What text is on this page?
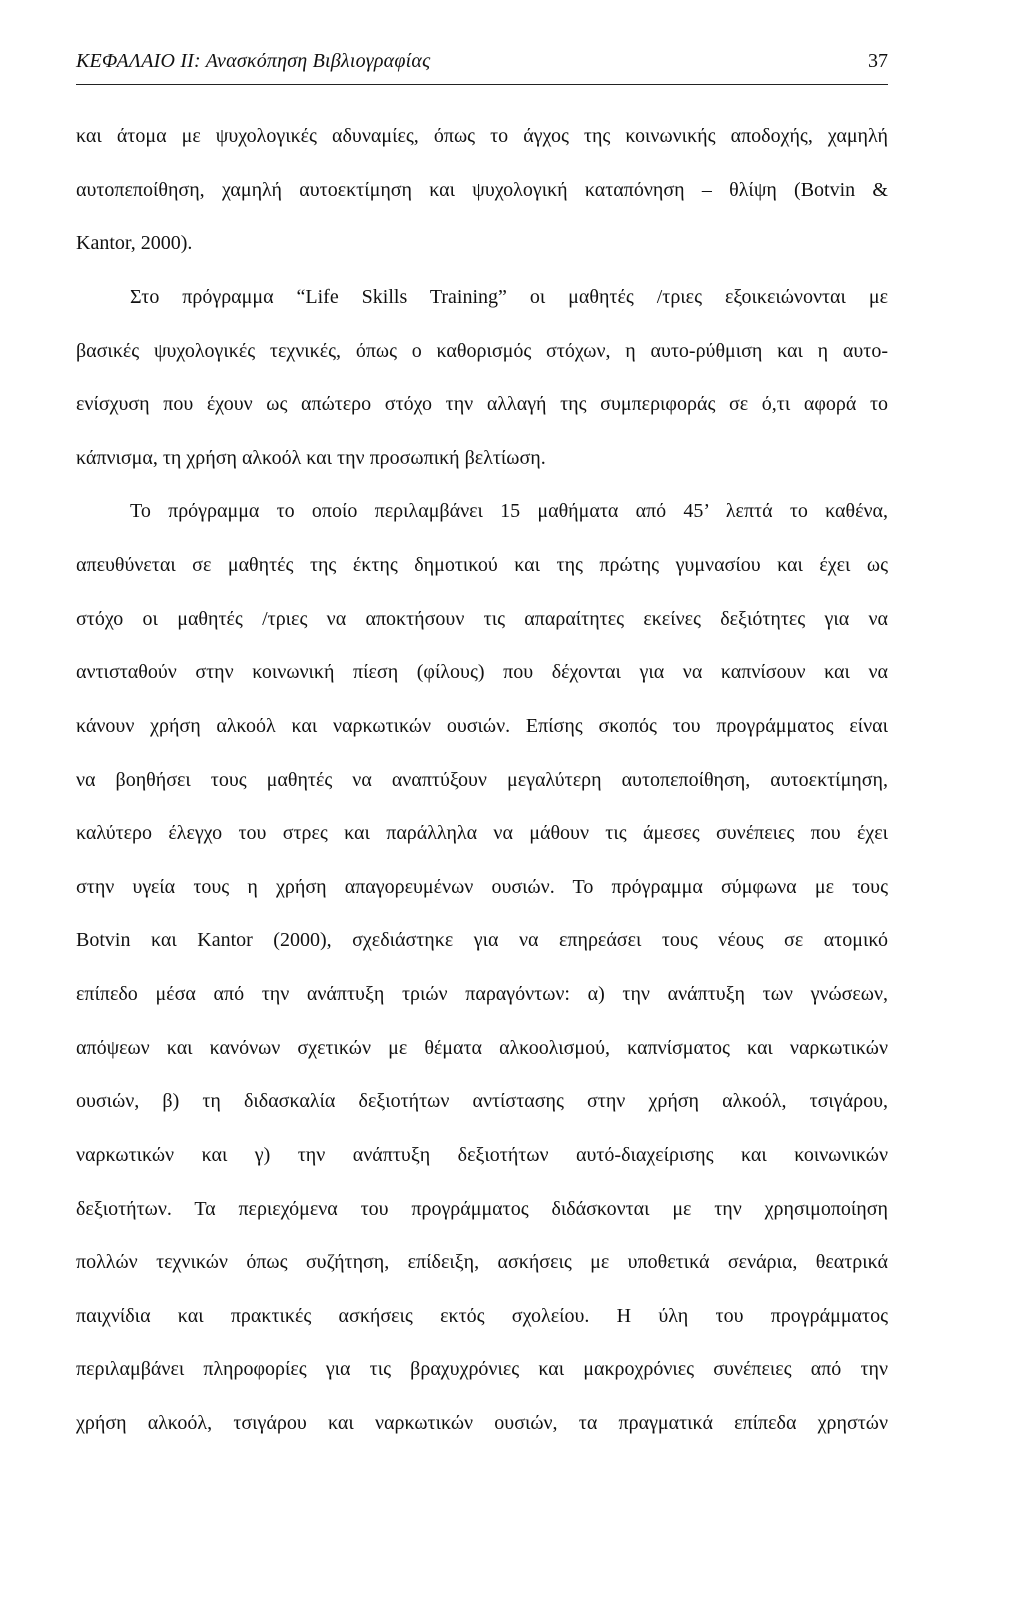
ΚΕΦΑΛΑΙΟ ΙΙ: Ανασκόπηση Βιβλιογραφίας	37
και άτομα με ψυχολογικές αδυναμίες, όπως το άγχος της κοινωνικής αποδοχής, χαμηλή
αυτοπεποίθηση, χαμηλή αυτοεκτίμηση και ψυχολογική καταπόνηση – θλίψη (Botvin &
Kantor, 2000).
Στο πρόγραμμα “Life Skills Training” οι μαθητές /τριες εξοικειώνονται με
βασικές ψυχολογικές τεχνικές, όπως ο καθορισμός στόχων, η αυτο-ρύθμιση και η αυτο-
ενίσχυση που έχουν ως απώτερο στόχο την αλλαγή της συμπεριφοράς σε ό,τι αφορά το
κάπνισμα, τη χρήση αλκοόλ και την προσωπική βελτίωση.
Το πρόγραμμα το οποίο περιλαμβάνει 15 μαθήματα από 45’ λεπτά το καθένα,
απευθύνεται σε μαθητές της έκτης δημοτικού και της πρώτης γυμνασίου και έχει ως
στόχο οι μαθητές /τριες να αποκτήσουν τις απαραίτητες εκείνες δεξιότητες για να
αντισταθούν στην κοινωνική πίεση (φίλους) που δέχονται για να καπνίσουν και να
κάνουν χρήση αλκοόλ και ναρκωτικών ουσιών. Επίσης σκοπός του προγράμματος είναι
να βοηθήσει τους μαθητές να αναπτύξουν μεγαλύτερη αυτοπεποίθηση, αυτοεκτίμηση,
καλύτερο έλεγχο του στρες και παράλληλα να μάθουν τις άμεσες συνέπειες που έχει
στην υγεία τους η χρήση απαγορευμένων ουσιών. Το πρόγραμμα σύμφωνα με τους
Botvin και Kantor (2000), σχεδιάστηκε για να επηρεάσει τους νέους σε ατομικό
επίπεδο μέσα από την ανάπτυξη τριών παραγόντων: α) την ανάπτυξη των γνώσεων,
απόψεων και κανόνων σχετικών με θέματα αλκοολισμού, καπνίσματος και ναρκωτικών
ουσιών, β) τη διδασκαλία δεξιοτήτων αντίστασης στην χρήση αλκοόλ, τσιγάρου,
ναρκωτικών και γ) την ανάπτυξη δεξιοτήτων αυτό-διαχείρισης και κοινωνικών
δεξιοτήτων. Τα περιεχόμενα του προγράμματος διδάσκονται με την χρησιμοποίηση
πολλών τεχνικών όπως συζήτηση, επίδειξη, ασκήσεις με υποθετικά σενάρια, θεατρικά
παιχνίδια και πρακτικές ασκήσεις εκτός σχολείου. Η ύλη του προγράμματος
περιλαμβάνει πληροφορίες για τις βραχυχρόνιες και μακροχρόνιες συνέπειες από την
χρήση αλκοόλ, τσιγάρου και ναρκωτικών ουσιών, τα πραγματικά επίπεδα χρηστών
